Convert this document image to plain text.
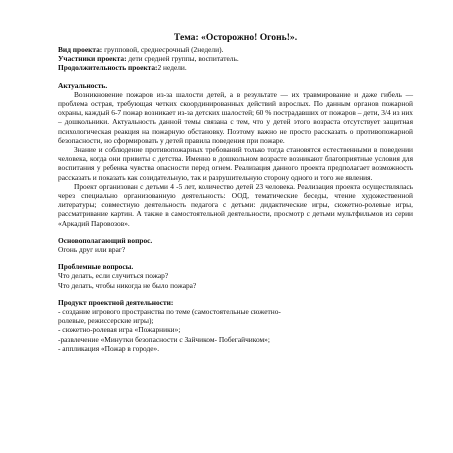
Тема: «Осторожно! Огонь!».
Вид проекта: групповой, среднесрочный (2недели).
Участники проекта: дети средней группы, воспитатель.
Продолжительность проекта:2 недели.
Актуальность.
Возникновение пожаров из-за шалости детей, а в результате — их травмирование и даже гибель — проблема острая, требующая четких скоординированных действий взрослых. По данным органов пожарной охраны, каждый 6-7 пожар возникает из-за детских шалостей; 60 % пострадавших от пожаров – дети, 3/4 из них – дошкольники. Актуальность данной темы связана с тем, что у детей этого возраста отсутствует защитная психологическая реакция на пожарную обстановку. Поэтому важно не просто рассказать о противопожарной безопасности, но сформировать у детей правила поведения при пожаре.
Знание и соблюдение противопожарных требований только тогда становятся естественными в поведении человека, когда они привиты с детства. Именно в дошкольном возрасте возникают благоприятные условия для воспитания у ребенка чувства опасности перед огнем. Реализация данного проекта предполагает возможность рассказать и показать как созидательную, так и разрушительную сторону одного и того же явления.
Проект организован с детьми 4 -5 лет, количество детей 23 человека. Реализация проекта осуществлялась через специально организованную деятельность: ООД, тематические беседы, чтение художественной литературы; совместную деятельность педагога с детьми: дидактические игры, сюжетно-ролевые игры, рассматривание картин. А также в самостоятельной деятельности, просмотр с детьми мультфильмов из серии «Аркадий Паровозов».
Основополагающий вопрос.
Огонь друг или враг?
Проблемные вопросы.
Что делать, если случиться пожар?
Что делать, чтобы никогда не было пожара?
Продукт проектной деятельности:
- создание игрового пространства по теме (самостоятельные сюжетно-
ролевые, режиссерские игры);
- сюжетно-ролевая игра «Пожарники»;
-развлечение «Минутки безопасности с Зайчиком- Побегайчиком»;
- аппликация «Пожар в городе».
